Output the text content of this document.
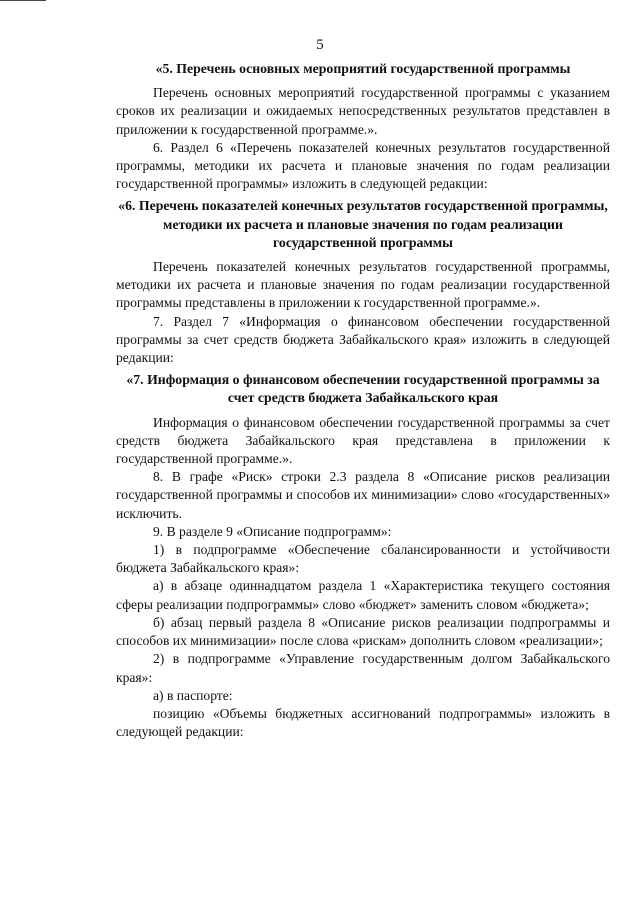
5
«5. Перечень основных мероприятий государственной программы
Перечень основных мероприятий государственной программы с указанием сроков их реализации и ожидаемых непосредственных результатов представлен в приложении к государственной программе.».
6. Раздел 6 «Перечень показателей конечных результатов государственной программы, методики их расчета и плановые значения по годам реализации государственной программы» изложить в следующей редакции:
«6. Перечень показателей конечных результатов государственной программы, методики их расчета и плановые значения по годам реализации государственной программы
Перечень показателей конечных результатов государственной программы, методики их расчета и плановые значения по годам реализации государственной программы представлены в приложении к государственной программе.».
7. Раздел 7 «Информация о финансовом обеспечении государственной программы за счет средств бюджета Забайкальского края» изложить в следующей редакции:
«7. Информация о финансовом обеспечении государственной программы за счет средств бюджета Забайкальского края
Информация о финансовом обеспечении государственной программы за счет средств бюджета Забайкальского края представлена в приложении к государственной программе.».
8. В графе «Риск» строки 2.3 раздела 8 «Описание рисков реализации государственной программы и способов их минимизации» слово «государственных» исключить.
9. В разделе 9 «Описание подпрограмм»:
1) в подпрограмме «Обеспечение сбалансированности и устойчивости бюджета Забайкальского края»:
а) в абзаце одиннадцатом раздела 1 «Характеристика текущего состояния сферы реализации подпрограммы» слово «бюджет» заменить словом «бюджета»;
б) абзац первый раздела 8 «Описание рисков реализации подпрограммы и способов их минимизации» после слова «рискам» дополнить словом «реализации»;
2) в подпрограмме «Управление государственным долгом Забайкальского края»:
а) в паспорте:
позицию «Объемы бюджетных ассигнований подпрограммы» изложить в следующей редакции:
